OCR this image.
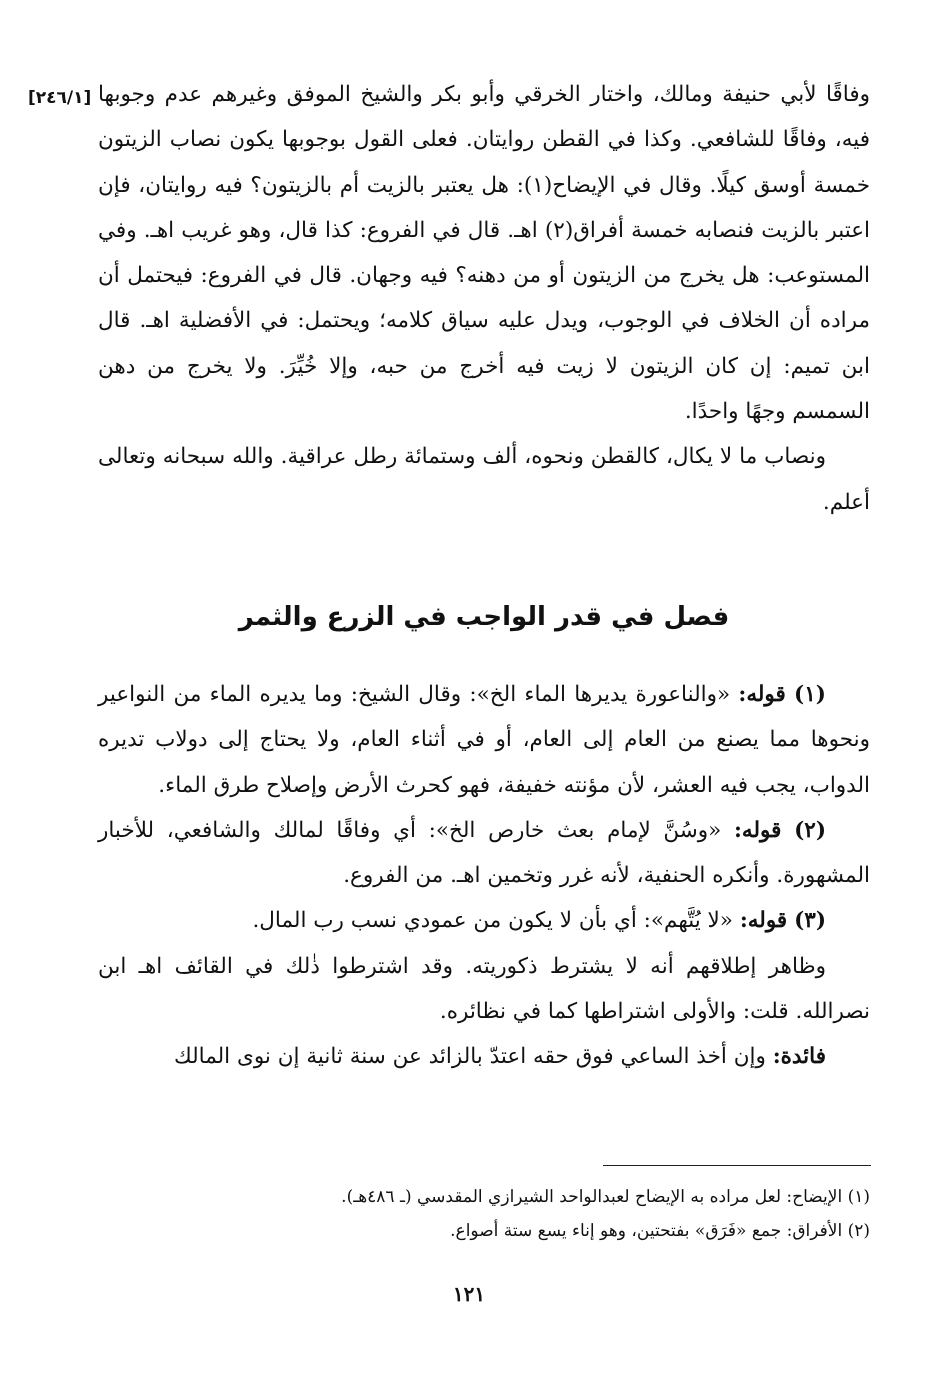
[٢٤٦/١] وفاقًا لأبي حنيفة ومالك، واختار الخرقي وأبو بكر والشيخ الموفق وغيرهم عدم وجوبها فيه، وفاقًا للشافعي. وكذا في القطن روايتان. فعلى القول بوجوبها يكون نصاب الزيتون خمسة أوسق كيلًا. وقال في الإيضاح(١): هل يعتبر بالزيت أم بالزيتون؟ فيه روايتان، فإن اعتبر بالزيت فنصابه خمسة أفراق(٢) اهـ. قال في الفروع: كذا قال، وهو غريب اهـ. وفي المستوعب: هل يخرج من الزيتون أو من دهنه؟ فيه وجهان. قال في الفروع: فيحتمل أن مراده أن الخلاف في الوجوب، ويدل عليه سياق كلامه؛ ويحتمل: في الأفضلية اهـ. قال ابن تميم: إن كان الزيتون لا زيت فيه أخرج من حبه، وإلا خُيِّرَ. ولا يخرج من دهن السمسم وجهًا واحدًا.

ونصاب ما لا يكال، كالقطن ونحوه، ألف وستمائة رطل عراقية. والله سبحانه وتعالى أعلم.

فصل في قدر الواجب في الزرع والثمر

(١) قوله: «والناعورة يديرها الماء الخ»: وقال الشيخ: وما يديره الماء من النواعير ونحوها مما يصنع من العام إلى العام، أو في أثناء العام، ولا يحتاج إلى دولاب تديره الدواب، يجب فيه العشر، لأن مؤنته خفيفة، فهو كحرث الأرض وإصلاح طرق الماء.

(٢) قوله: «وسُنَّ لإمام بعث خارص الخ»: أي وفاقًا لمالك والشافعي، للأخبار المشهورة. وأنكره الحنفية، لأنه غرر وتخمين اهـ. من الفروع.

(٣) قوله: «لا يُتَّهم»: أي بأن لا يكون من عمودي نسب رب المال.

وظاهر إطلاقهم أنه لا يشترط ذكوريته. وقد اشترطوا ذٰلك في القائف اهـ ابن نصرالله. قلت: والأولى اشتراطها كما في نظائره.

فائدة: وإن أخذ الساعي فوق حقه اعتدّ بالزائد عن سنة ثانية إن نوى المالك

(١) الإيضاح: لعل مراده به الإيضاح لعبدالواحد الشيرازي المقدسي (ـ ٤٨٦هـ).

(٢) الأفراق: جمع «فَرَق» بفتحتين، وهو إناء يسع ستة أصواع.

١٢١
